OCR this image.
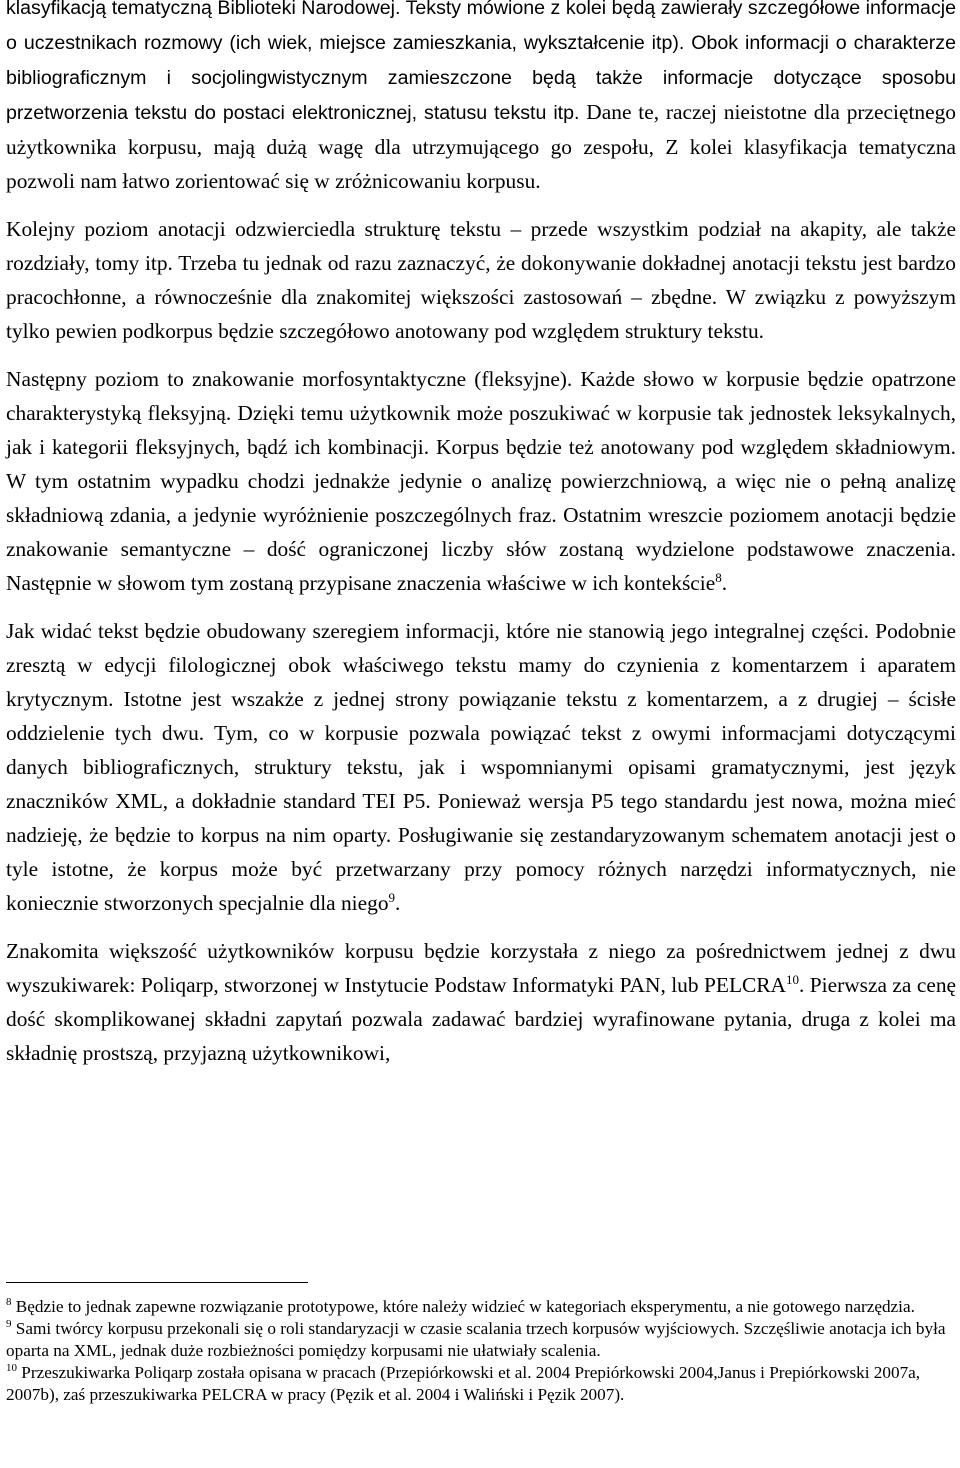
klasyfikacją tematyczną Biblioteki Narodowej. Teksty mówione z kolei będą zawierały szczegółowe informacje o uczestnikach rozmowy (ich wiek, miejsce zamieszkania, wykształcenie itp). Obok informacji o charakterze bibliograficznym i socjolingwistycznym zamieszczone będą także informacje dotyczące sposobu przetworzenia tekstu do postaci elektronicznej, statusu tekstu itp. Dane te, raczej nieistotne dla przeciętnego użytkownika korpusu, mają dużą wagę dla utrzymującego go zespołu, Z kolei klasyfikacja tematyczna pozwoli nam łatwo zorientować się w zróżnicowaniu korpusu.

Kolejny poziom anotacji odzwierciedla strukturę tekstu – przede wszystkim podział na akapity, ale także rozdziały, tomy itp. Trzeba tu jednak od razu zaznaczyć, że dokonywanie dokładnej anotacji tekstu jest bardzo pracochłonne, a równocześnie dla znakomitej większości zastosowań – zbędne. W związku z powyższym tylko pewien podkorpus będzie szczegółowo anotowany pod względem struktury tekstu.

Następny poziom to znakowanie morfosyntaktyczne (fleksyjne). Każde słowo w korpusie będzie opatrzone charakterystyką fleksyjną. Dzięki temu użytkownik może poszukiwać w korpusie tak jednostek leksykalnych, jak i kategorii fleksyjnych, bądź ich kombinacji. Korpus będzie też anotowany pod względem składniowym. W tym ostatnim wypadku chodzi jednakże jedynie o analizę powierzchniową, a więc nie o pełną analizę składniową zdania, a jedynie wyróżnienie poszczególnych fraz. Ostatnim wreszcie poziomem anotacji będzie znakowanie semantyczne – dość ograniczonej liczby słów zostaną wydzielone podstawowe znaczenia. Następnie w słowom tym zostaną przypisane znaczenia właściwe w ich kontekście$^8$.

Jak widać tekst będzie obudowany szeregiem informacji, które nie stanowią jego integralnej części. Podobnie zresztą w edycji filologicznej obok właściwego tekstu mamy do czynienia z komentarzem i aparatem krytycznym. Istotne jest wszakże z jednej strony powiązanie tekstu z komentarzem, a z drugiej – ścisłe oddzielenie tych dwu. Tym, co w korpusie pozwala powiązać tekst z owymi informacjami dotyczącymi danych bibliograficznych, struktury tekstu, jak i wspomnianymi opisami gramatycznymi, jest język znaczników XML, a dokładnie standard TEI P5. Ponieważ wersja P5 tego standardu jest nowa, można mieć nadzieję, że będzie to korpus na nim oparty. Posługiwanie się zestandaryzowanym schematem anotacji jest o tyle istotne, że korpus może być przetwarzany przy pomocy różnych narzędzi informatycznych, nie koniecznie stworzonych specjalnie dla niego$^9$.

Znakomita większość użytkowników korpusu będzie korzystała z niego za pośrednictwem jednej z dwu wyszukiwarek: Poliqarp, stworzonej w Instytucie Podstaw Informatyki PAN, lub PELCRA$^{10}$. Pierwsza za cenę dość skomplikowanej składni zapytań pozwala zadawać bardziej wyrafinowane pytania, druga z kolei ma składnię prostszą, przyjazną użytkownikowi,

$^8$ Będzie to jednak zapewne rozwiązanie prototypowe, które należy widzieć w kategoriach eksperymentu, a nie gotowego narzędzia.

$^9$ Sami twórcy korpusu przekonali się o roli standaryzacji w czasie scalania trzech korpusów wyjściowych. Szczęśliwie anotacja ich była oparta na XML, jednak duże rozbieżności pomiędzy korpusami nie ułatwiały scalenia.

$^{10}$ Przeszukiwarka Poliqarp została opisana w pracach (Przepiórkowski et al. 2004 Prepiórkowski 2004,Janus i Prepiórkowski 2007a, 2007b), zaś przeszukiwarka PELCRA w pracy (Pęzik et al. 2004 i Waliński i Pęzik 2007).
